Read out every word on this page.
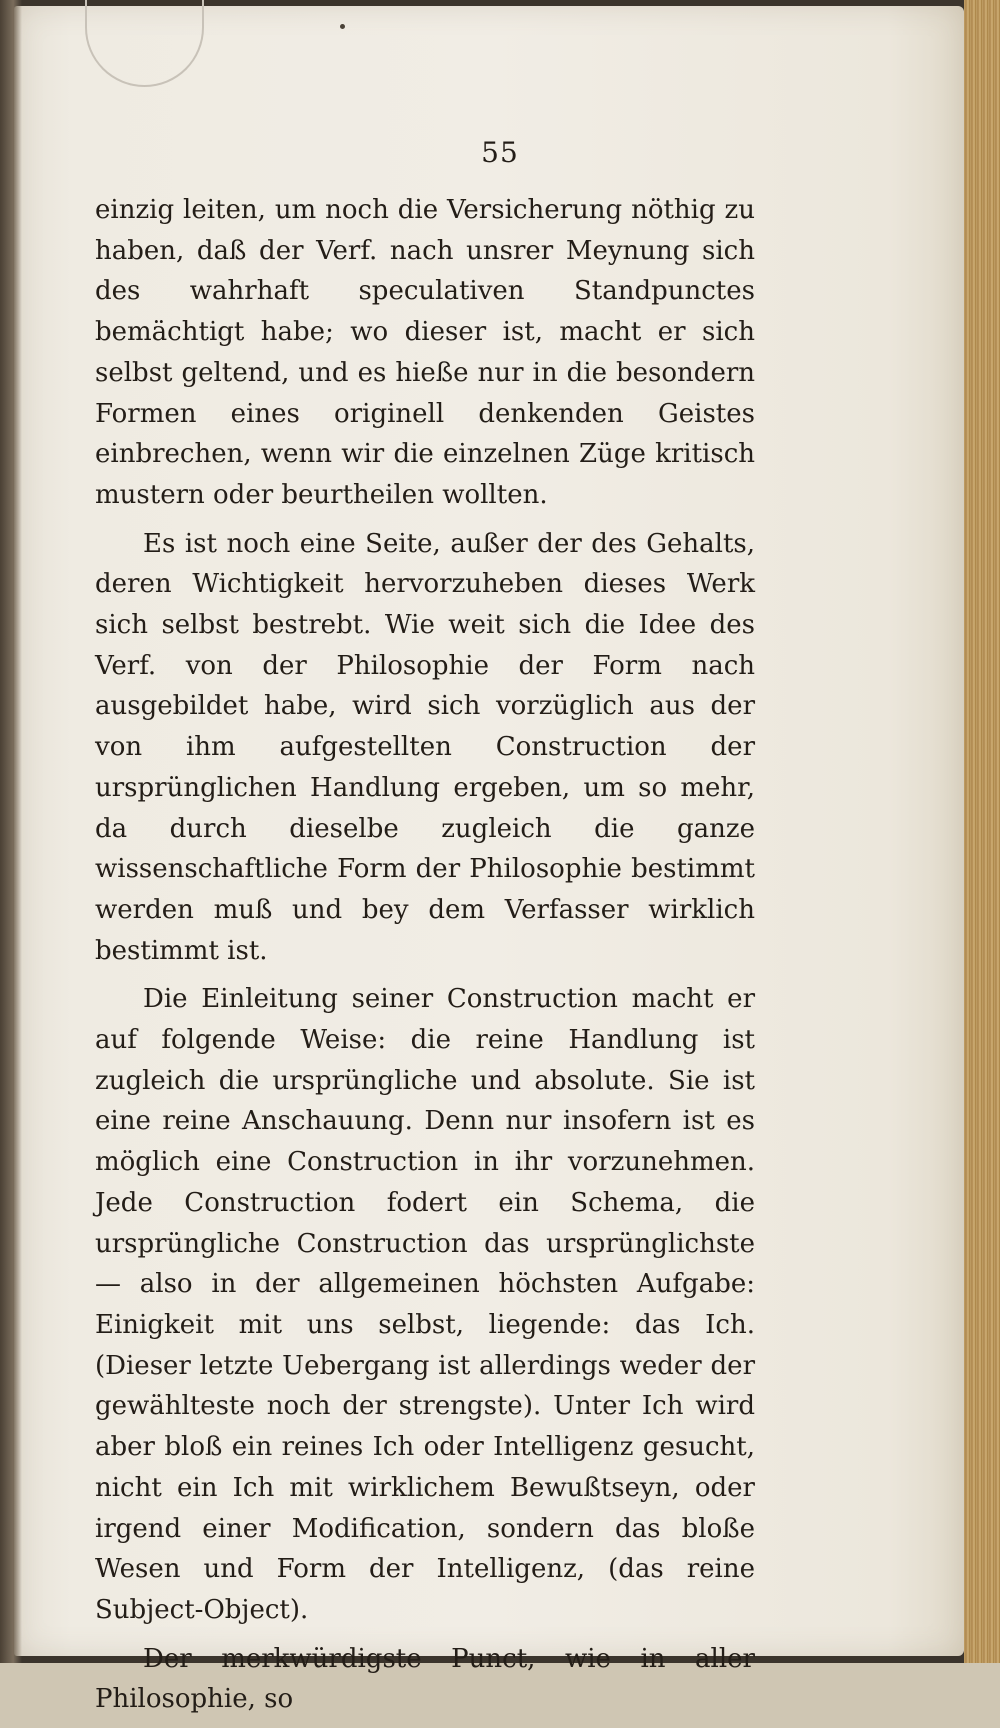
55

einzig leiten, um noch die Versicherung nöthig zu haben, daß der Verf. nach unsrer Meynung sich des wahrhaft speculativen Standpunctes bemächtigt habe; wo dieser ist, macht er sich selbst geltend, und es hieße nur in die besondern Formen eines originell denkenden Geistes einbrechen, wenn wir die einzelnen Züge kritisch mustern oder beurtheilen wollten.

Es ist noch eine Seite, außer der des Gehalts, deren Wichtigkeit hervorzuheben dieses Werk sich selbst bestrebt. Wie weit sich die Idee des Verf. von der Philosophie der Form nach ausgebildet habe, wird sich vorzüglich aus der von ihm aufgestellten Construction der ursprünglichen Handlung ergeben, um so mehr, da durch dieselbe zugleich die ganze wissenschaftliche Form der Philosophie bestimmt werden muß und bey dem Verfasser wirklich bestimmt ist.

Die Einleitung seiner Construction macht er auf folgende Weise: die reine Handlung ist zugleich die ursprüngliche und absolute. Sie ist eine reine Anschauung. Denn nur insofern ist es möglich eine Construction in ihr vorzunehmen. Jede Construction fodert ein Schema, die ursprüngliche Construction das ursprünglichste — also in der allgemeinen höchsten Aufgabe: Einigkeit mit uns selbst, liegende: das Ich. (Dieser letzte Uebergang ist allerdings weder der gewählteste noch der strengste). Unter Ich wird aber bloß ein reines Ich oder Intelligenz gesucht, nicht ein Ich mit wirklichem Bewußtseyn, oder irgend einer Modification, sondern das bloße Wesen und Form der Intelligenz, (das reine Subject-Object).

Der merkwürdigste Punct, wie in aller Philosophie, so
